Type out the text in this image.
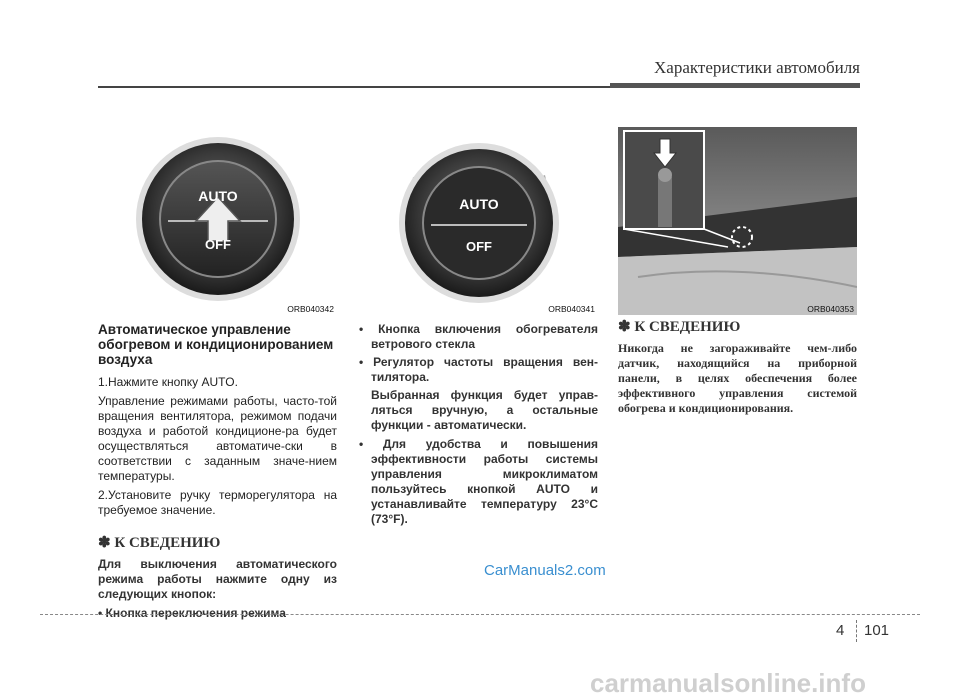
Характеристики автомобиля
AUTO
OFF
ORB040342
AUTO
OFF
ORB040341	ORB040353
Автоматическое управление обогревом и кондиционированием воздуха

1.Нажмите кнопку AUTO.

Управление режимами работы, часто-той вращения вентилятора, режимом подачи воздуха и работой кондиционе-ра будет осуществляться автоматиче-ски в соответствии с заданным значе-нием температуры.

2.Установите ручку терморегулятора на требуемое значение.

✽ К СВЕДЕНИЮ

Для выключения автоматического режима работы нажмите одну из следующих кнопок:

• Кнопка переключения режима

• Кнопка включения обогревателя ветрового стекла

• Регулятор частоты вращения вен-тилятора.

Выбранная функция будет управ-ляться вручную, а остальные функции - автоматически.

• Для удобства и повышения эффективности работы системы управления микроклиматом пользуйтесь кнопкой AUTO и устанавливайте температуру 23°C (73°F).

✽ К СВЕДЕНИЮ
Никогда не загораживайте чем-либо датчик, находящийся на приборной панели, в целях обеспечения более эффективного управления системой обогрева и кондиционирования.
CarManuals2.com
4 101
carmanualsonline.info
